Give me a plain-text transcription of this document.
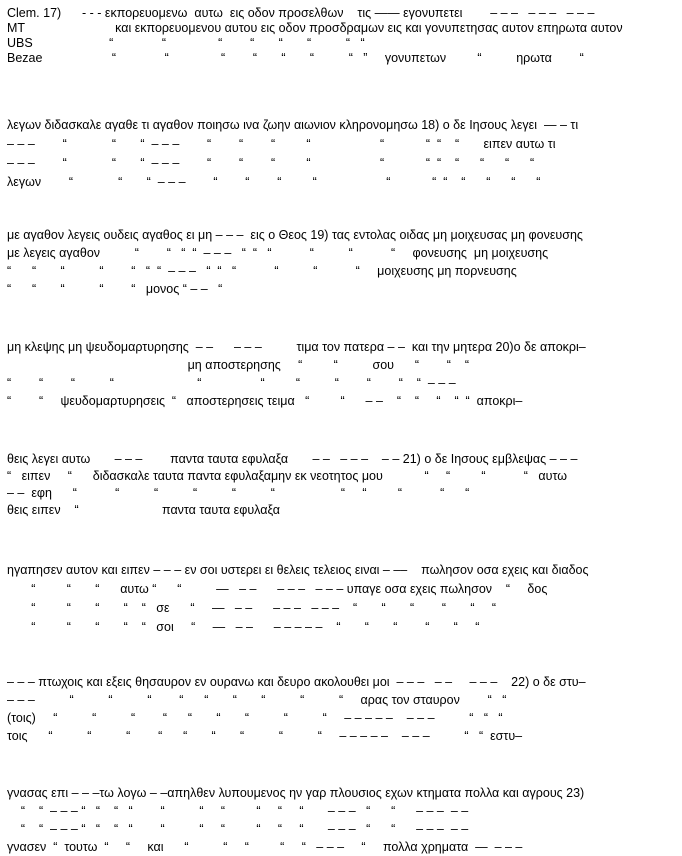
Clem. 17)      - - - εκπορευομενω  αυτω  εις οδον προσελθων    τις —— εγονυπετει        – – –   – – –   – – –
MT                          και εκπορευομενου αυτου εις οδον προσδραμων εις και γονυπετησας αυτον επηρωτα αυτον
UBS                      “              “               “        “       “       “          “   “
Bezae                    “              “               “        “       “       “          “   ”     γονυπετων         “          ηρωτα        “
λεγων διδασκαλε αγαθε τι αγαθον ποιησω ινα ζωην αιωνιον κληρονομησω 18) ο δε Ιησους λεγει  — – τι
– – –        “             “       “  – – –        “        “        “         “                    “            “  “    “       ειπεν αυτω τι
– – –        “             “       “  – – –        “        “        “         “                    “            “  “    “      “      “      “
λεγων        “             “       “  – – –        “        “        “         “                    “            “  “    “      “      “      “
με αγαθον λεγεις ουδεις αγαθος ει μη – – –  εις ο Θεος 19) τας εντολας οιδας μη μοιχευσας μη φονευσης
με λεγεις αγαθον          “        “   “  “  – – –   “  “   “           “          “           “     φονευσης  μη μοιχευσης
“      “       “          “        “   “  “  – – –   “  “   “           “          “           “     μοιχευσης μη πορνευσης
“      “       “          “        “   μονος “ – –   “
μη κλεψης μη ψευδομαρτυρησης  – –      – – –          τιμα τον πατερα – –  και την μητερα 20)ο δε αποκρι–
μη αποστερησης     “         “          σου      “        “    “
“        “        “          “                        “                 “         “          “        “        “    “  – – –
“        “     ψευδομαρτυρησεις  “   αποστερησεις τειμα   “         “      – –    “    “     “    “  “  αποκρι–
θεις λεγει αυτω       – – –        παντα ταυτα εφυλαξα       – –   – – –    – – 21) ο δε Ιησους εμβλεψας – – –
“   ειπεν     “      διδασκαλε ταυτα παντα εφυλαξαμην εκ νεοτητος μου            “     “         “           “   αυτω
– –  εφη      “           “          “          “          “          “                   “     “         “           “      “
θεις ειπεν    “                        παντα ταυτα εφυλαξα
ηγαπησεν αυτον και ειπεν – – – εν σοι υστερει ει θελεις τελειος ειναι – ––    πωλησον οσα εχεις και διαδος
“         “       “      αυτω “      “          —   – –      – – –   – – – υπαγε οσα εχεις πωλησον    “     δος
“         “       “       “    “   σε      “     —   – –      – – –   – – –    “       “       “        “       “     “
“         “       “       “    “   σοι     “     —   – –      – – – – –    “       “       “        “       “     “
– – – πτωχοις και εξεις θησαυρον εν ουρανω και δευρο ακολουθει μοι  – – –   – –     – – –    22) ο δε στυ–
– – –          “          “          “        “      “       “       “          “          “     αρας τον σταυρον        “   “
(τοις)     “          “          “        “      “       “       “          “          “     – – – – –    – – –          “   “   “
τοις      “          “          “        “      “       “       “          “          “     – – – – –    – – –          “   “  εστυ–
γνασας επι – – –τω λογω – –απηλθεν λυπουμενος ην γαρ πλουσιος εχων κτηματα πολλα και αγρους 23)
“    “  – – – “   “    “   “        “          “     “         “     “     “       – – –   “      “      – – –  – –
“    “  – – – “   “    “   “        “          “     “         “     “     “       – – –   “      “      – – –  – –
γνασεν  “  τουτω  “     “     και      “          “     “         “     “   – – –     “     πολλα χρηματα  —  – – –
